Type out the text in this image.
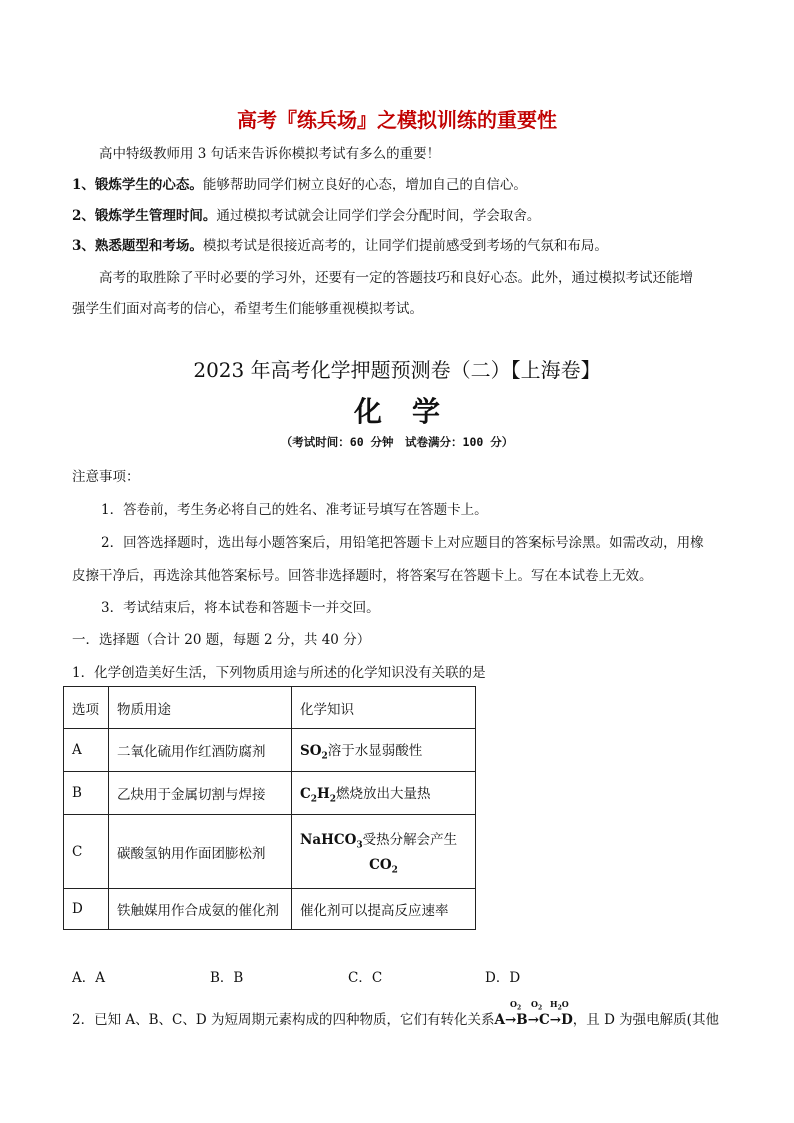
高考『练兵场』之模拟训练的重要性
高中特级教师用 3 句话来告诉你模拟考试有多么的重要！
1、锻炼学生的心态。能够帮助同学们树立良好的心态，增加自己的自信心。
2、锻炼学生管理时间。通过模拟考试就会让同学们学会分配时间，学会取舍。
3、熟悉题型和考场。模拟考试是很接近高考的，让同学们提前感受到考场的气氛和布局。
高考的取胜除了平时必要的学习外，还要有一定的答题技巧和良好心态。此外，通过模拟考试还能增
强学生们面对高考的信心，希望考生们能够重视模拟考试。
2023 年高考化学押题预测卷（二）【上海卷】
化学
（考试时间：60 分钟　试卷满分：100 分）
注意事项：
1．答卷前，考生务必将自己的姓名、准考证号填写在答题卡上。
2．回答选择题时，选出每小题答案后，用铅笔把答题卡上对应题目的答案标号涂黑。如需改动，用橡
皮擦干净后，再选涂其他答案标号。回答非选择题时，将答案写在答题卡上。写在本试卷上无效。
3．考试结束后，将本试卷和答题卡一并交回。
一．选择题（合计 20 题，每题 2 分，共 40 分）
1．化学创造美好生活，下列物质用途与所述的化学知识没有关联的是
选项	物质用途	化学知识
A	二氧化硫用作红酒防腐剂	$SO_2$溶于水显弱酸性
B	乙炔用于金属切割与焊接	$C_2H_2$燃烧放出大量热
C	碳酸氢钠用作面团膨松剂	NaHCO$_3$受热分解会产生
$CO_2$

D	铁触媒用作合成氨的催化剂	催化剂可以提高反应速率
A．A	B．B	C．C	D．D
2．已知 A、B、C、D 为短周期元素构成的四种物质，它们有转化关系A→B→C→D，且 D 为强电解质(其他
$O_2$ $O_2$ $H_2O$
